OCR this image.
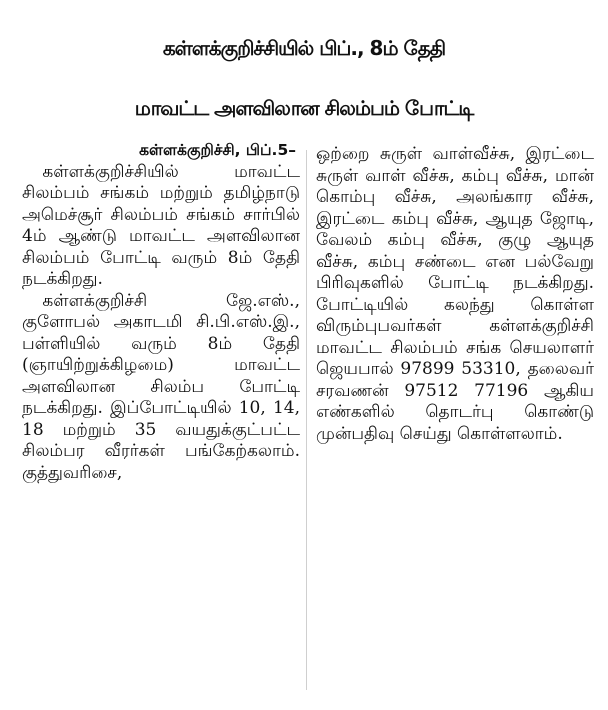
கள்ளக்குறிச்சியில் பிப்., 8ம் தேதி
மாவட்ட அளவிலான சிலம்பம் போட்டி
கள்ளக்குறிச்சி, பிப்.5–

கள்ளக்குறிச்சியில் மாவட்ட சிலம்பம் சங்கம் மற்றும் தமிழ்நாடு அமெச்சூர் சிலம்பம் சங்கம் சார்பில் 4ம் ஆண்டு மாவட்ட அளவிலான சிலம்பம் போட்டி வரும் 8ம் தேதி நடக்கிறது.

கள்ளக்குறிச்சி ஜே.எஸ்., குளோபல் அகாடமி சி.பி.எஸ்.இ., பள்ளியில் வரும் 8ம் தேதி (ஞாயிற்றுக்கிழமை) மாவட்ட அளவிலான சிலம்ப போட்டி நடக்கிறது. இப்போட்டியில் 10, 14, 18 மற்றும் 35 வயதுக்குட்பட்ட சிலம்பர வீரர்கள் பங்கேற்கலாம். குத்துவரிசை,

ஒற்றை சுருள் வாள்வீச்சு, இரட்டை சுருள் வாள் வீச்சு, கம்பு வீச்சு, மான் கொம்பு வீச்சு, அலங்கார வீச்சு, இரட்டை கம்பு வீச்சு, ஆயுத ஜோடி, வேலம் கம்பு வீச்சு, குழு ஆயுத வீச்சு, கம்பு சண்டை என பல்வேறு பிரிவுகளில் போட்டி நடக்கிறது. போட்டியில் கலந்து கொள்ள விரும்புபவர்கள் கள்ளக்குறிச்சி மாவட்ட சிலம்பம் சங்க செயலாளர் ஜெயபால் 97899 53310, தலைவர் சரவணன் 97512 77196 ஆகிய எண்களில் தொடர்பு கொண்டு முன்பதிவு செய்து கொள்ளலாம்.
